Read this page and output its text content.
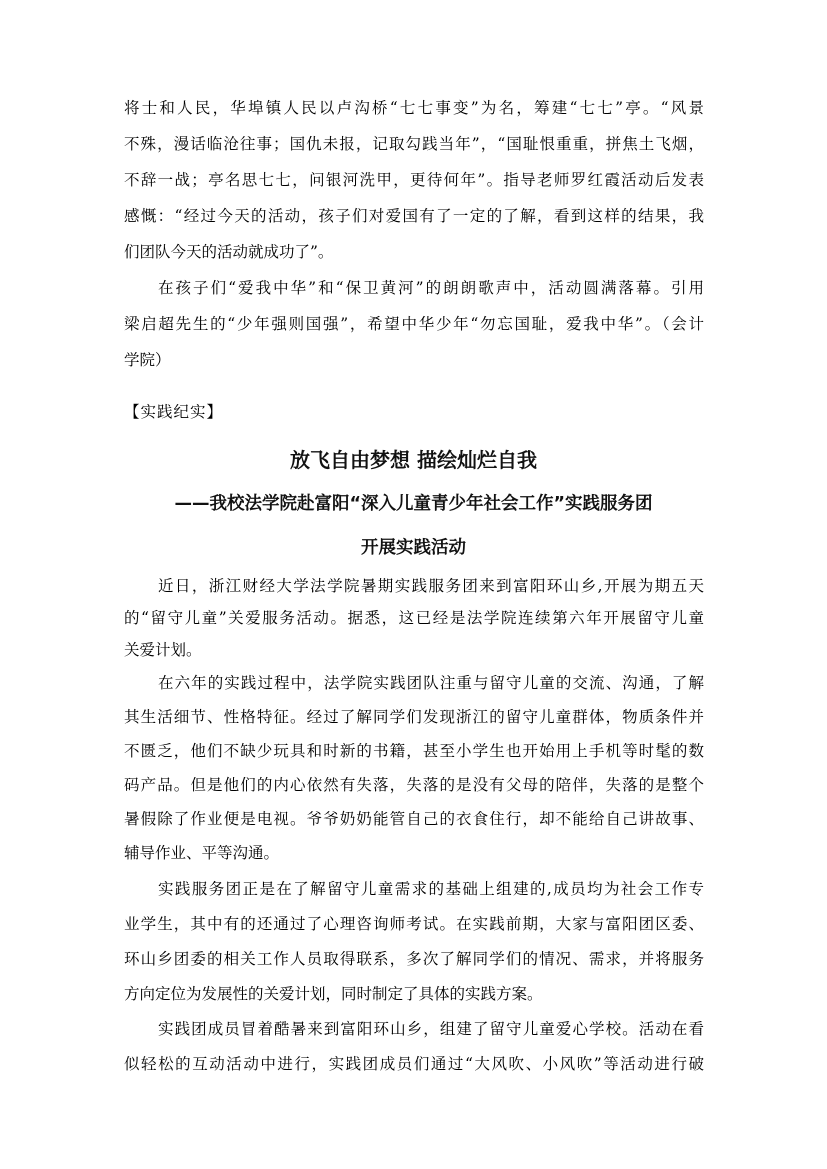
将士和人民，华埠镇人民以卢沟桥“七七事变”为名，筹建“七七”亭。“风景
不殊，漫话临沧往事；国仇未报，记取勾践当年”，“国耻恨重重，拼焦土飞烟，
不辞一战；亭名思七七，问银河洗甲，更待何年”。指导老师罗红霞活动后发表
感慨：“经过今天的活动，孩子们对爱国有了一定的了解，看到这样的结果，我
们团队今天的活动就成功了”。
在孩子们“爱我中华”和“保卫黄河”的朗朗歌声中，活动圆满落幕。引用
梁启超先生的“少年强则国强”，希望中华少年“勿忘国耻，爱我中华”。（会计
学院）
【实践纪实】
放飞自由梦想 描绘灿烂自我
——我校法学院赴富阳“深入儿童青少年社会工作”实践服务团
开展实践活动
近日，浙江财经大学法学院暑期实践服务团来到富阳环山乡,开展为期五天
的“留守儿童”关爱服务活动。据悉，这已经是法学院连续第六年开展留守儿童
关爱计划。
在六年的实践过程中，法学院实践团队注重与留守儿童的交流、沟通，了解
其生活细节、性格特征。经过了解同学们发现浙江的留守儿童群体，物质条件并
不匮乏，他们不缺少玩具和时新的书籍，甚至小学生也开始用上手机等时髦的数
码产品。但是他们的内心依然有失落，失落的是没有父母的陪伴，失落的是整个
暑假除了作业便是电视。爷爷奶奶能管自己的衣食住行，却不能给自己讲故事、
辅导作业、平等沟通。
实践服务团正是在了解留守儿童需求的基础上组建的,成员均为社会工作专
业学生，其中有的还通过了心理咨询师考试。在实践前期，大家与富阳团区委、
环山乡团委的相关工作人员取得联系，多次了解同学们的情况、需求，并将服务
方向定位为发展性的关爱计划，同时制定了具体的实践方案。
实践团成员冒着酷暑来到富阳环山乡，组建了留守儿童爱心学校。活动在看
似轻松的互动活动中进行，实践团成员们通过“大风吹、小风吹”等活动进行破
